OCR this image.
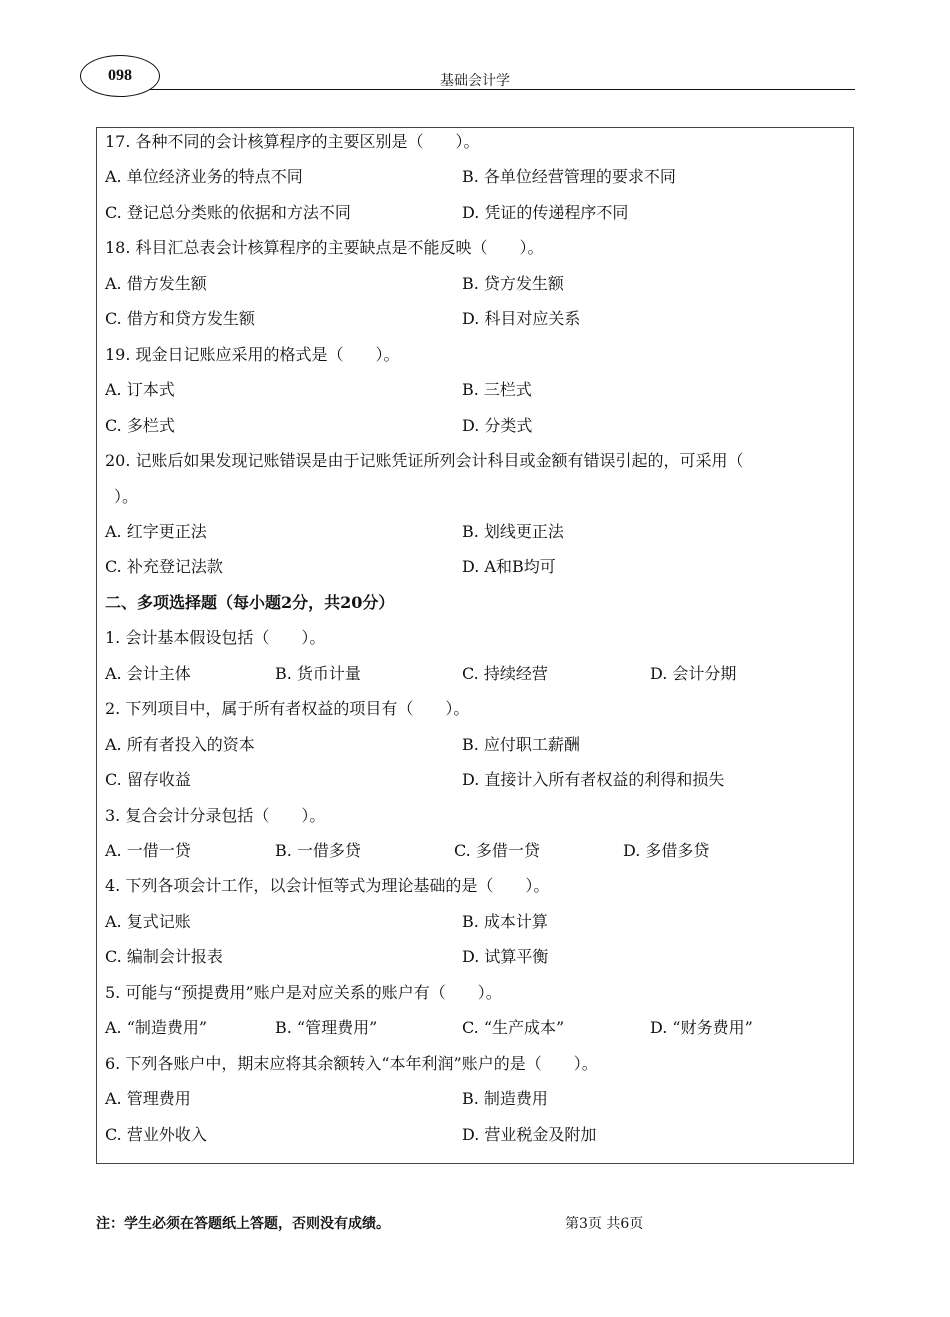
098	基础会计学
17. 各种不同的会计核算程序的主要区别是（　　）。
A. 单位经济业务的特点不同	B. 各单位经营管理的要求不同
C. 登记总分类账的依据和方法不同	D. 凭证的传递程序不同
18. 科目汇总表会计核算程序的主要缺点是不能反映（　　）。
A. 借方发生额	B. 贷方发生额
C. 借方和贷方发生额	D. 科目对应关系
19. 现金日记账应采用的格式是（　　）。
A. 订本式	B. 三栏式
C. 多栏式	D. 分类式
20. 记账后如果发现记账错误是由于记账凭证所列会计科目或金额有错误引起的，可采用（
）。
A. 红字更正法	B. 划线更正法
C. 补充登记法款	D. A和B均可
二、多项选择题（每小题2分，共20分）
1. 会计基本假设包括（　　）。
A. 会计主体	B. 货币计量	C. 持续经营	D. 会计分期
2. 下列项目中，属于所有者权益的项目有（　　）。
A. 所有者投入的资本	B. 应付职工薪酬
C. 留存收益	D. 直接计入所有者权益的利得和损失
3. 复合会计分录包括（　　）。
A. 一借一贷	B. 一借多贷	C. 多借一贷	D. 多借多贷
4. 下列各项会计工作，以会计恒等式为理论基础的是（　　）。
A. 复式记账	B. 成本计算
C. 编制会计报表	D. 试算平衡
5. 可能与“预提费用”账户是对应关系的账户有（　　）。
A. “制造费用”	B. “管理费用”	C. “生产成本”	D. “财务费用”
6. 下列各账户中，期末应将其余额转入“本年利润”账户的是（　　）。
A. 管理费用	B. 制造费用
C. 营业外收入	D. 营业税金及附加
注：学生必须在答题纸上答题，否则没有成绩。	第3页 共6页
